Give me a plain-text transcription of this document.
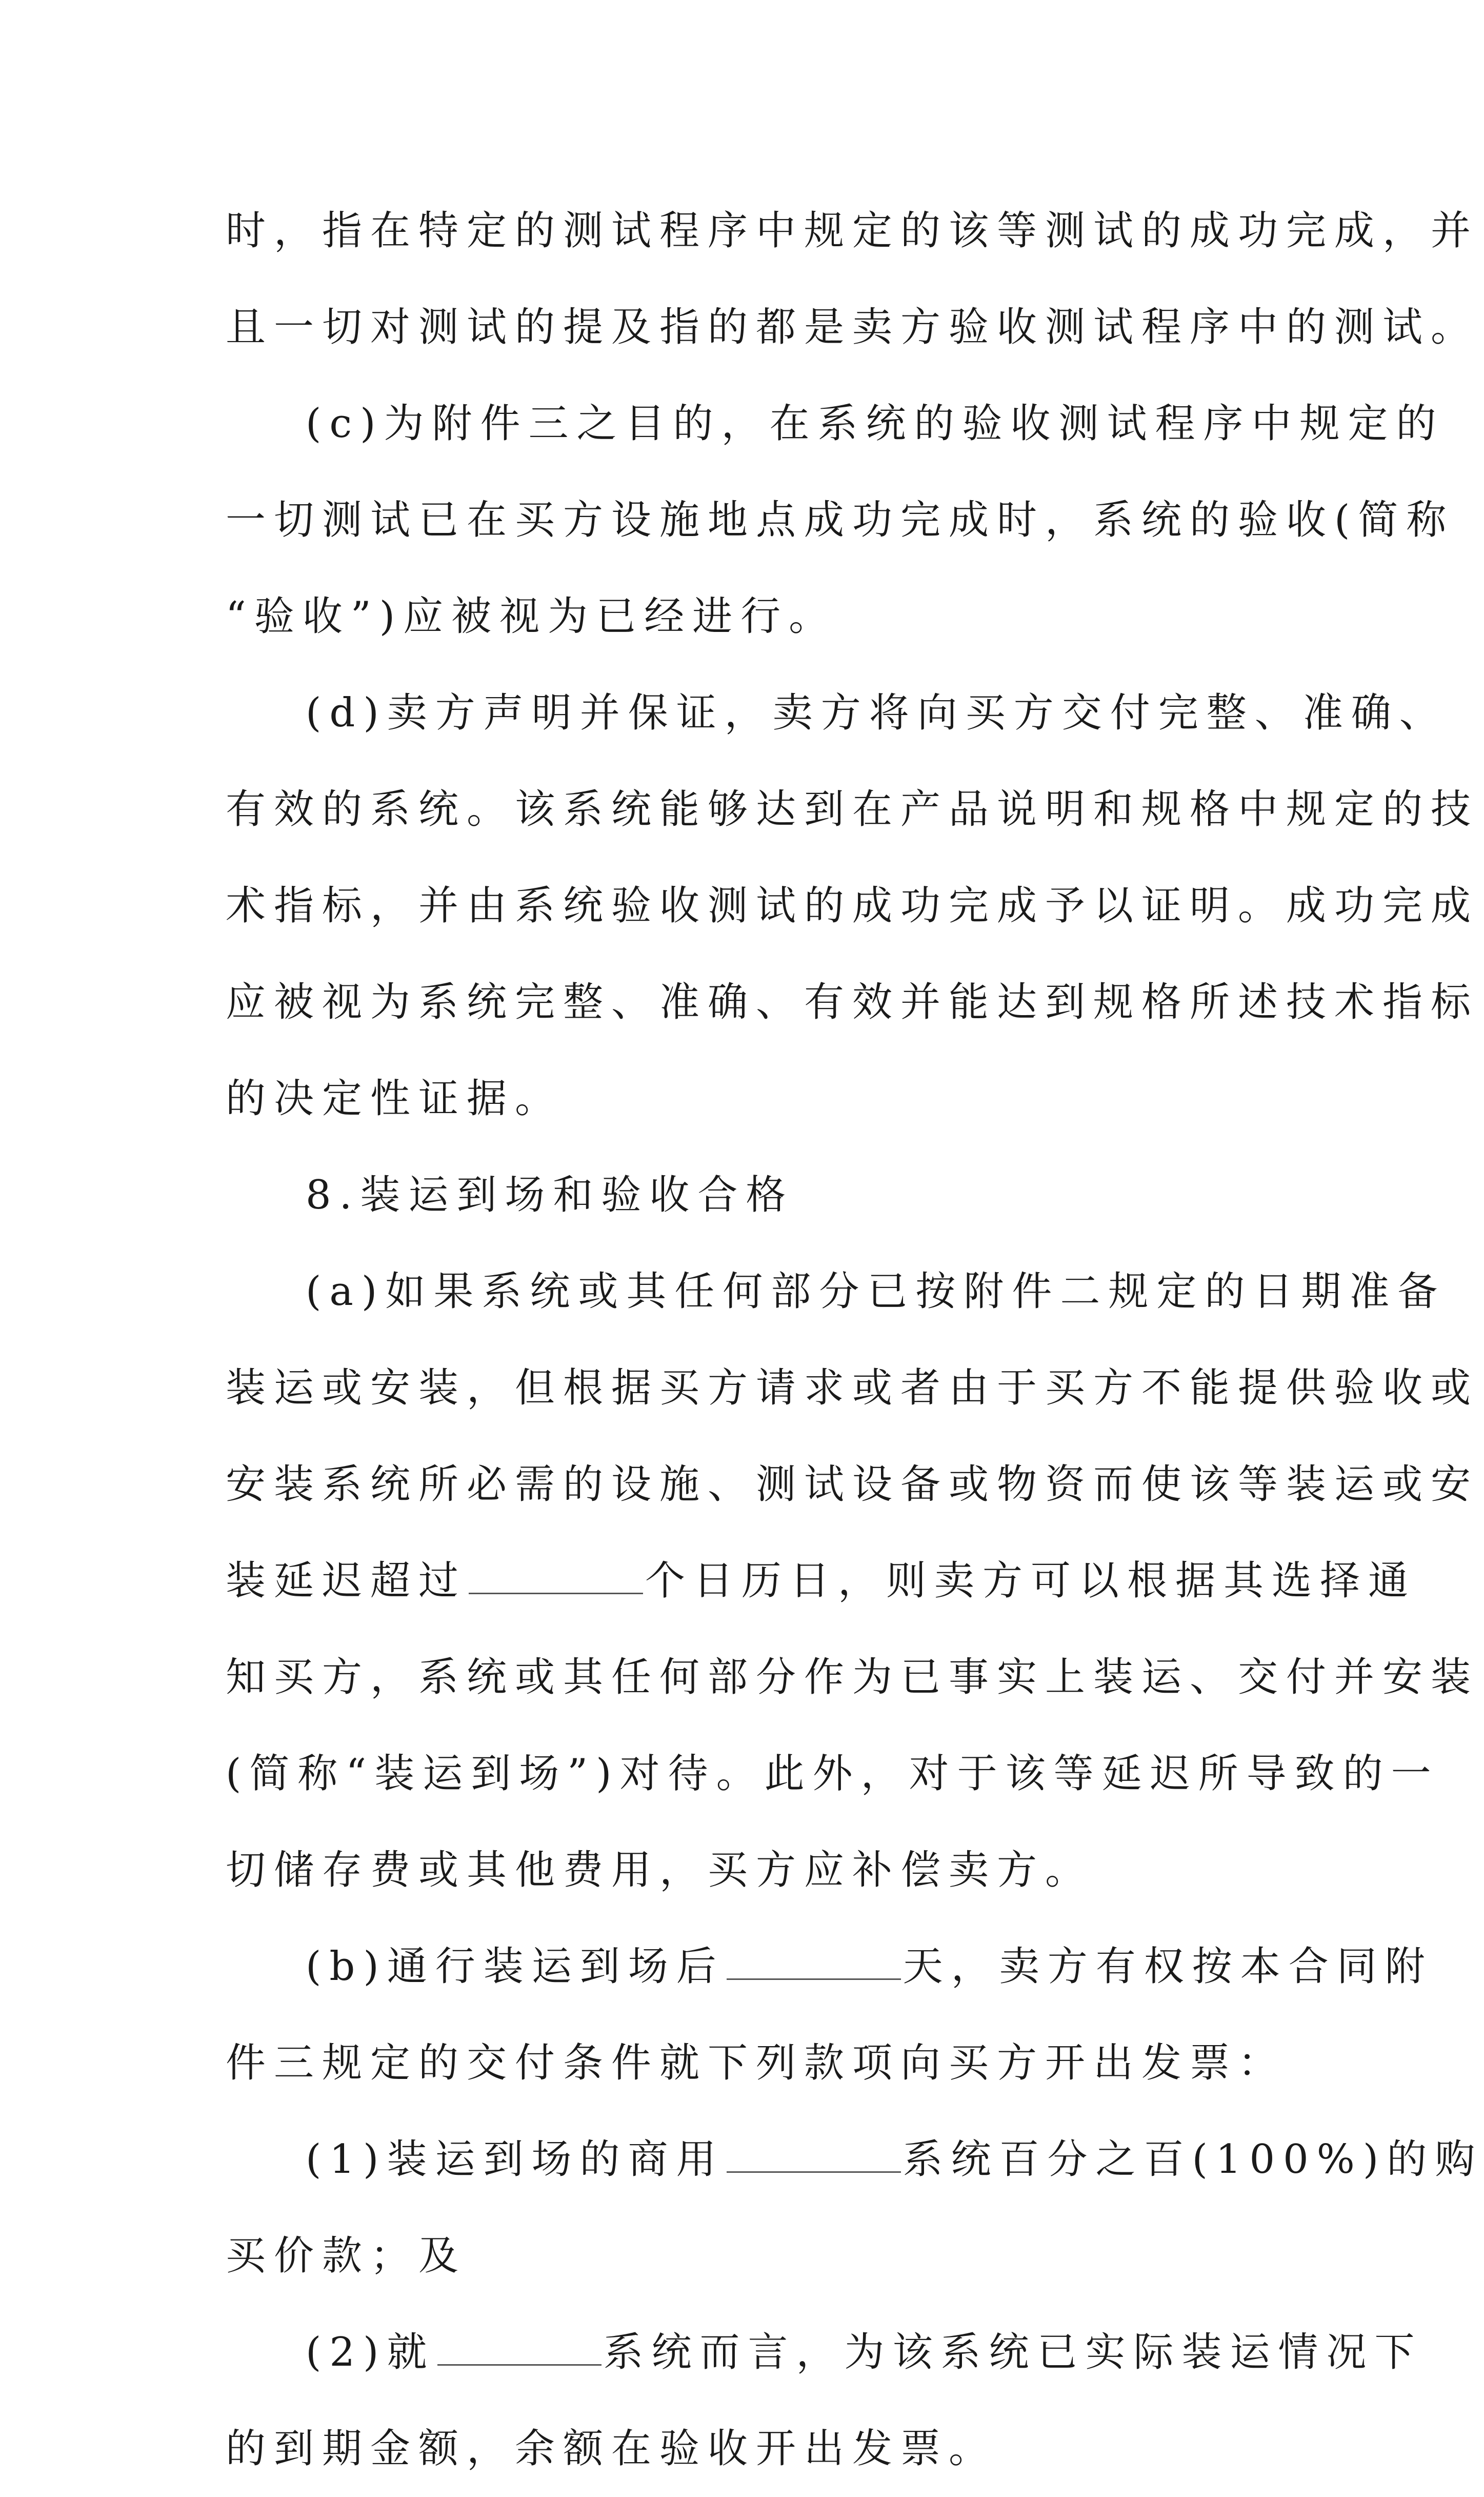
时，指在特定的测试程序中规定的该等测试的成功完成，并
且一切对测试的提及指的都是卖方验收测试程序中的测试。
(c)为附件三之目的，在系统的验收测试程序中规定的
一切测试已在买方设施地点成功完成时，系统的验收(简称
“验收”)应被视为已经进行。
(d)卖方声明并保证，卖方将向买方交付完整、准确、
有效的系统。该系统能够达到在产品说明和规格中规定的技
术指标，并由系统验收测试的成功完成予以证明。成功完成
应被视为系统完整、准确、有效并能达到规格所述技术指标
的决定性证据。
8.装运到场和验收合格
(a)如果系统或其任何部分已按附件二规定的日期准备
装运或安装，但根据买方请求或者由于买方不能提供验收或
安装系统所必需的设施、测试设备或物资而使该等装运或安
装延迟超过	个日历日，则卖方可以根据其选择通
知买方，系统或其任何部分作为已事实上装运、交付并安装
(简称“装运到场”)对待。此外，对于该等延迟所导致的一
切储存费或其他费用，买方应补偿卖方。
(b)通行装运到场后	天，卖方有权按本合同附
件三规定的交付条件就下列款项向买方开出发票：
(1)装运到场的商用	系统百分之百(100%)的购
买价款；及
(2)就	系统而言，为该系统已实际装运情况下
的到期金额，余额在验收开出发票。
